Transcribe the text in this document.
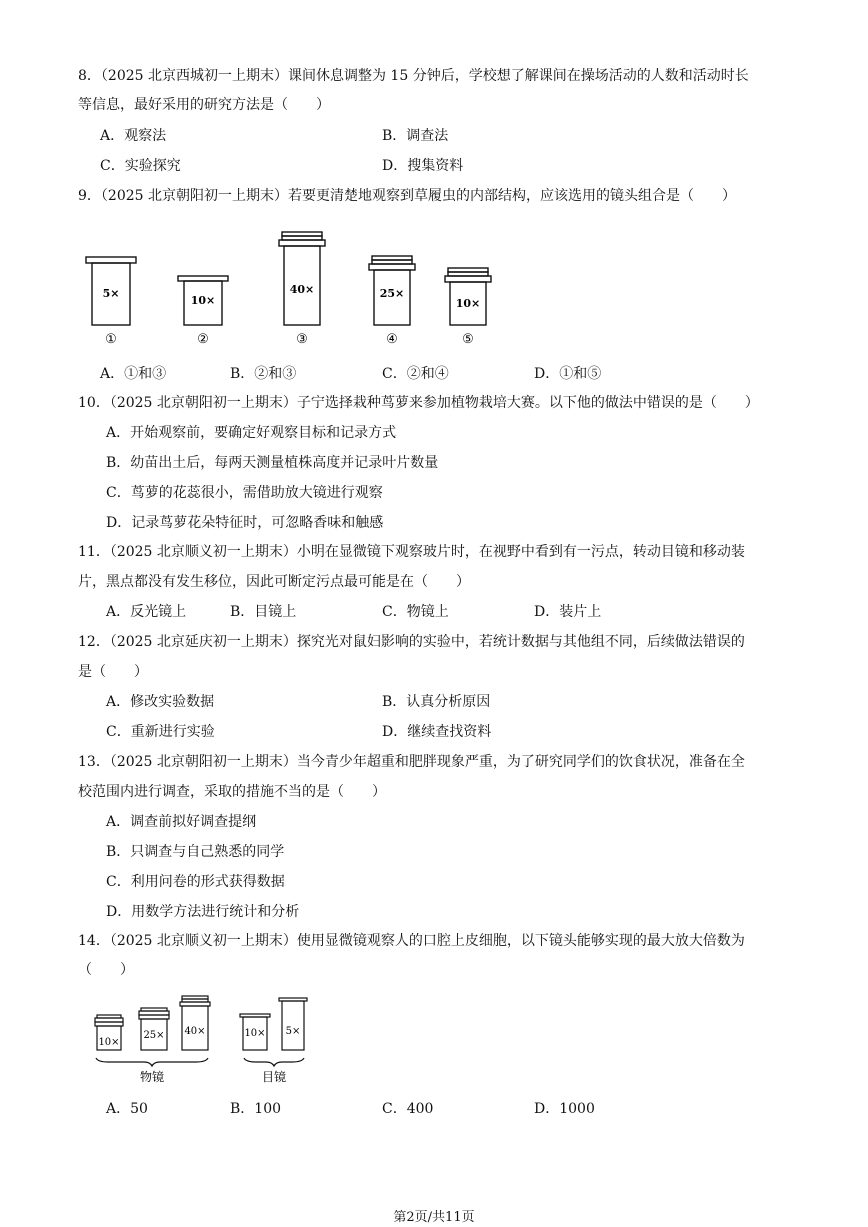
8．（2025 北京西城初一上期末）课间休息调整为 15 分钟后，学校想了解课间在操场活动的人数和活动时长
等信息，最好采用的研究方法是（　　）
A．观察法	B．调查法
C．实验探究	D．搜集资料
9．（2025 北京朝阳初一上期末）若要更清楚地观察到草履虫的内部结构，应该选用的镜头组合是（　　）
5×
10×
40×	25×
10×
①	②	③	④	⑤
A．①和③	B．②和③	C．②和④	D．①和⑤
10．（2025 北京朝阳初一上期末）子宁选择栽种茑萝来参加植物栽培大赛。以下他的做法中错误的是（　　）
A．开始观察前，要确定好观察目标和记录方式
B．幼苗出土后，每两天测量植株高度并记录叶片数量
C．茑萝的花蕊很小，需借助放大镜进行观察
D．记录茑萝花朵特征时，可忽略香味和触感
11．（2025 北京顺义初一上期末）小明在显微镜下观察玻片时，在视野中看到有一污点，转动目镜和移动装
片，黑点都没有发生移位，因此可断定污点最可能是在（　　）
A．反光镜上	B．目镜上	C．物镜上	D．装片上
12．（2025 北京延庆初一上期末）探究光对鼠妇影响的实验中，若统计数据与其他组不同，后续做法错误的
是（　　）
A．修改实验数据	B．认真分析原因
C．重新进行实验	D．继续查找资料
13．（2025 北京朝阳初一上期末）当今青少年超重和肥胖现象严重，为了研究同学们的饮食状况，准备在全
校范围内进行调查，采取的措施不当的是（　　）
A．调查前拟好调查提纲
B．只调查与自己熟悉的同学
C．利用问卷的形式获得数据
D．用数学方法进行统计和分析
14．（2025 北京顺义初一上期末）使用显微镜观察人的口腔上皮细胞，以下镜头能够实现的最大放大倍数为
（　　）
10×
25× 40×	10× 5×
物镜	目镜
A．50	B．100	C．400	D．1000
第2页/共11页
